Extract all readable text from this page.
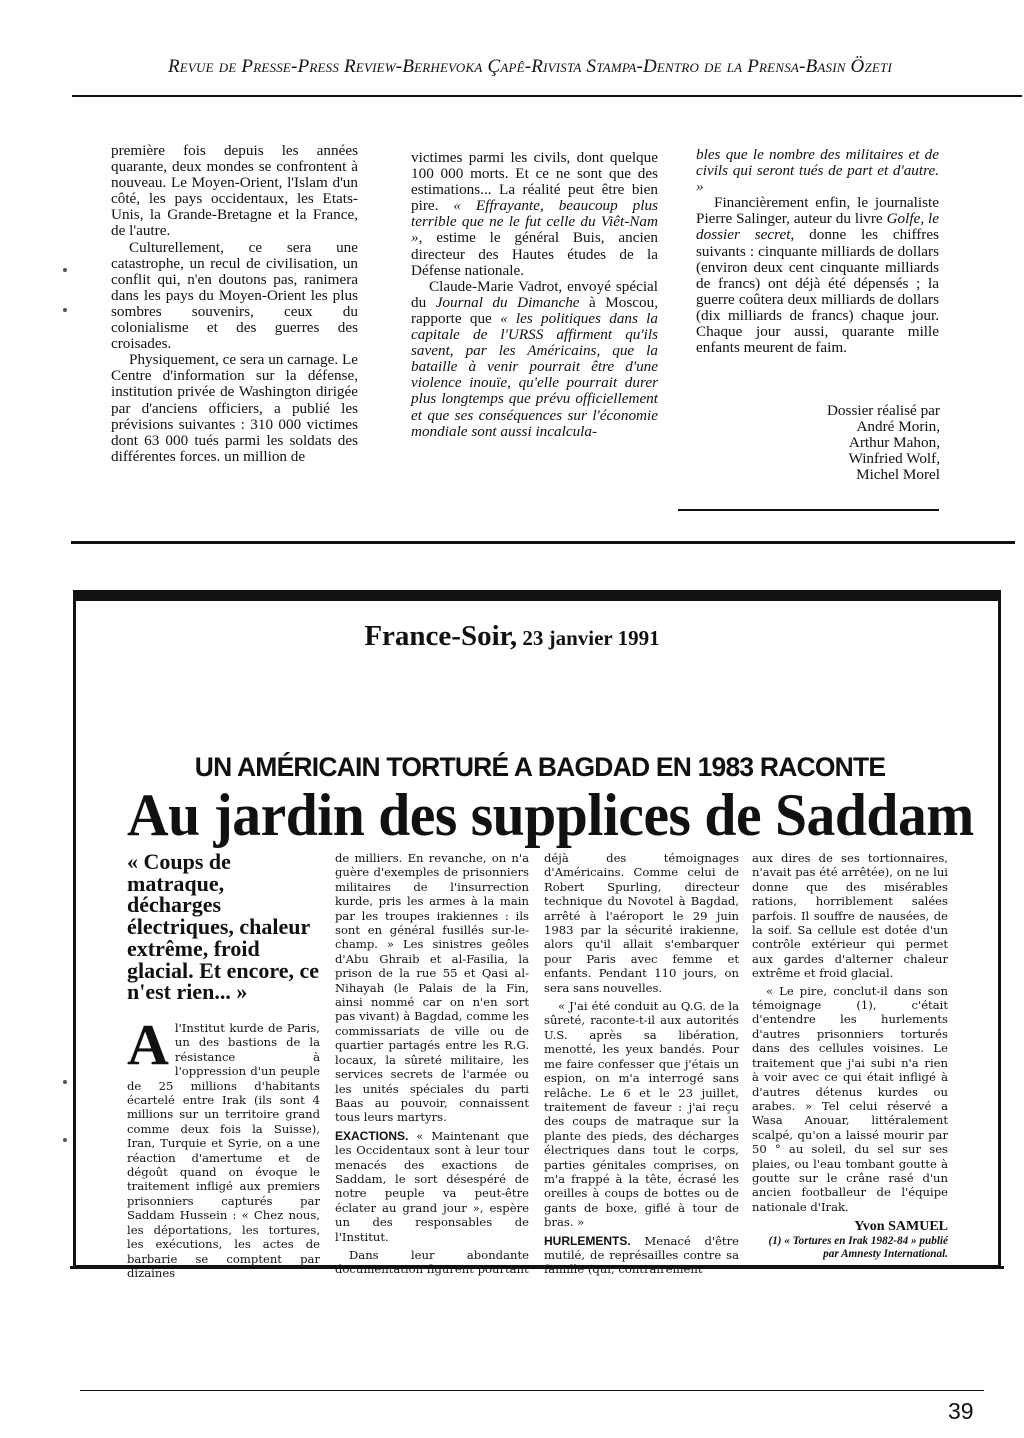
Revue de Presse-Press Review-Berhevoka Çapê-Rivista Stampa-Dentro de la Prensa-Basin Özeti

première fois depuis les années quarante, deux mondes se confrontent à nouveau. Le Moyen-Orient, l'Islam d'un côté, les pays occidentaux, les Etats-Unis, la Grande-Bretagne et la France, de l'autre.

Culturellement, ce sera une catastrophe, un recul de civilisation, un conflit qui, n'en doutons pas, ranimera dans les pays du Moyen-Orient les plus sombres souvenirs, ceux du colonialisme et des guerres des croisades.

Physiquement, ce sera un carnage. Le Centre d'information sur la défense, institution privée de Washington dirigée par d'anciens officiers, a publié les prévisions suivantes : 310 000 victimes dont 63 000 tués parmi les soldats des différentes forces. un million de

victimes parmi les civils, dont quelque 100 000 morts. Et ce ne sont que des estimations... La réalité peut être bien pire. « Effrayante, beaucoup plus terrible que ne le fut celle du Viêt-Nam », estime le général Buis, ancien directeur des Hautes études de la Défense nationale.

Claude-Marie Vadrot, envoyé spécial du Journal du Dimanche à Moscou, rapporte que « les politiques dans la capitale de l'URSS affirment qu'ils savent, par les Américains, que la bataille à venir pourrait être d'une violence inouïe, qu'elle pourrait durer plus longtemps que prévu officiellement et que ses conséquences sur l'économie mondiale sont aussi incalcula-

bles que le nombre des militaires et de civils qui seront tués de part et d'autre. »

Financièrement enfin, le journaliste Pierre Salinger, auteur du livre Golfe, le dossier secret, donne les chiffres suivants : cinquante milliards de dollars (environ deux cent cinquante milliards de francs) ont déjà été dépensés ; la guerre coûtera deux milliards de dollars (dix milliards de francs) chaque jour. Chaque jour aussi, quarante mille enfants meurent de faim.

Dossier réalisé par
André Morin,
Arthur Mahon,
Winfried Wolf,
Michel Morel
France-Soir, 23 janvier 1991
UN AMÉRICAIN TORTURÉ A BAGDAD EN 1983 RACONTE
Au jardin des supplices de Saddam
« Coups de matraque, décharges électriques, chaleur extrême, froid glacial. Et encore, ce n'est rien... »

Al'Institut kurde de Paris, un des bastions de la résistance à l'oppression d'un peuple de 25 millions d'habitants écartelé entre Irak (ils sont 4 millions sur un territoire grand comme deux fois la Suisse), Iran, Turquie et Syrie, on a une réaction d'amertume et de dégoût quand on évoque le traitement infligé aux premiers prisonniers capturés par Saddam Hussein : « Chez nous, les déportations, les tortures, les exécutions, les actes de barbarie se comptent par dizaines

de milliers. En revanche, on n'a guère d'exemples de prisonniers militaires de l'insurrection kurde, pris les armes à la main par les troupes irakiennes : ils sont en général fusillés sur-le-champ. » Les sinistres geôles d'Abu Ghraib et al-Fasilia, la prison de la rue 55 et Qasi al-Nihayah (le Palais de la Fin, ainsi nommé car on n'en sort pas vivant) à Bagdad, comme les commissariats de ville ou de quartier partagés entre les R.G. locaux, la sûreté militaire, les services secrets de l'armée ou les unités spéciales du parti Baas au pouvoir, connaissent tous leurs martyrs.

EXACTIONS. « Maintenant que les Occidentaux sont à leur tour menacés des exactions de Saddam, le sort désespéré de notre peuple va peut-être éclater au grand jour », espère un des responsables de l'Institut.

Dans leur abondante documentation figurent pourtant

déjà des témoignages d'Américains. Comme celui de Robert Spurling, directeur technique du Novotel à Bagdad, arrêté à l'aéroport le 29 juin 1983 par la sécurité irakienne, alors qu'il allait s'embarquer pour Paris avec femme et enfants. Pendant 110 jours, on sera sans nouvelles.

« J'ai été conduit au Q.G. de la sûreté, raconte-t-il aux autorités U.S. après sa libération, menotté, les yeux bandés. Pour me faire confesser que j'étais un espion, on m'a interrogé sans relâche. Le 6 et le 23 juillet, traitement de faveur : j'ai reçu des coups de matraque sur la plante des pieds, des décharges électriques dans tout le corps, parties génitales comprises, on m'a frappé à la tête, écrasé les oreilles à coups de bottes ou de gants de boxe, giflé à tour de bras. »

HURLEMENTS. Menacé d'être mutilé, de représailles contre sa famille (qui, contrairement

aux dires de ses tortionnaires, n'avait pas été arrêtée), on ne lui donne que des misérables rations, horriblement salées parfois. Il souffre de nausées, de la soif. Sa cellule est dotée d'un contrôle extérieur qui permet aux gardes d'alterner chaleur extrême et froid glacial.

« Le pire, conclut-il dans son témoignage (1), c'était d'entendre les hurlements d'autres prisonniers torturés dans des cellules voisines. Le traitement que j'ai subi n'a rien à voir avec ce qui était infligé à d'autres détenus kurdes ou arabes. » Tel celui réservé a Wasa Anouar, littéralement scalpé, qu'on a laissé mourir par 50 ° au soleil, du sel sur ses plaies, ou l'eau tombant goutte à goutte sur le crâne rasé d'un ancien footballeur de l'équipe nationale d'Irak.

Yvon SAMUEL
(1) « Tortures en Irak 1982-84 » publié par Amnesty International.
39
